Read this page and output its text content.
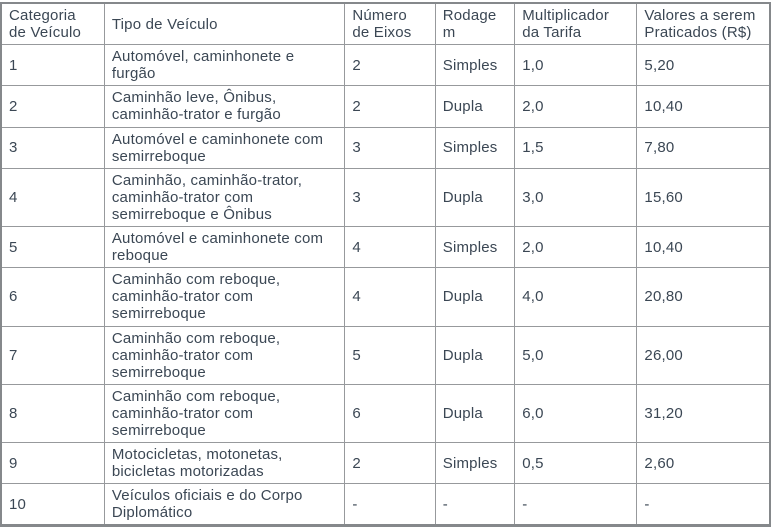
Categoria de Veículo	Tipo de Veículo	Número de Eixos	Rodagem	Multiplicador da Tarifa	Valores a serem Praticados (R$)
1	Automóvel, caminhonete e furgão	2	Simples	1,0	5,20
2	Caminhão leve, Ônibus, caminhão-trator e furgão	2	Dupla	2,0	10,40
3	Automóvel e caminhonete com semirreboque	3	Simples	1,5	7,80
4	Caminhão, caminhão-trator, caminhão-trator com semirreboque e Ônibus	3	Dupla	3,0	15,60
5	Automóvel e caminhonete com reboque	4	Simples	2,0	10,40
6	Caminhão com reboque, caminhão-trator com semirreboque	4	Dupla	4,0	20,80
7	Caminhão com reboque, caminhão-trator com semirreboque	5	Dupla	5,0	26,00
8	Caminhão com reboque, caminhão-trator com semirreboque	6	Dupla	6,0	31,20
9	Motocicletas, motonetas, bicicletas motorizadas	2	Simples	0,5	2,60
10	Veículos oficiais e do Corpo Diplomático	-	-	-	-
